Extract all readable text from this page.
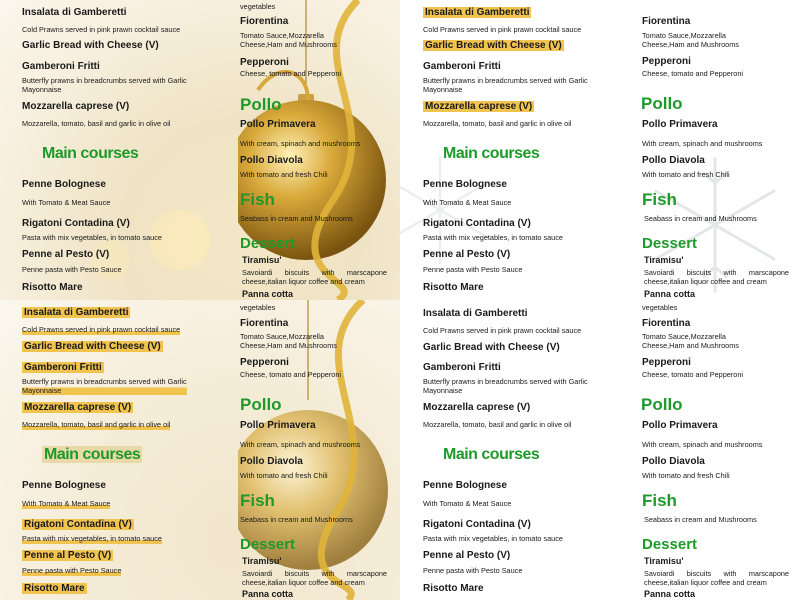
Insalata di Gamberetti
Cold Prawns served in pink prawn cocktail sauce
Garlic Bread with Cheese (V)
Gamberoni Fritti
Butterfly prawns in breadcrumbs served with Garlic Mayonnaise
Mozzarella caprese (V)
Mozzarella, tomato, basil and garlic in olive oil
Main courses
Penne Bolognese
With Tomato & Meat Sauce
Rigatoni Contadina (V)
Pasta with mix vegetables, in tomato sauce
Penne al Pesto (V)
Penne pasta with Pesto Sauce
Risotto Mare
vegetables
Fiorentina
Tomato Sauce,Mozzarella Cheese,Ham and Mushrooms
Pepperoni
Cheese, tomato and Pepperoni
Pollo
Pollo Primavera
With cream, spinach and mushrooms
Pollo Diavola
With tomato and fresh Chili
Fish
Seabass in cream and Mushrooms
Dessert
Tiramisu'
Savoiardi biscuits with marscapone cheese,italian liquor coffee and cream
Panna cotta
Insalata di Gamberetti
Cold Prawns served in pink prawn cocktail sauce
Garlic Bread with Cheese (V)
Gamberoni Fritti
Butterfly prawns in breadcrumbs served with Garlic Mayonnaise
Mozzarella caprese (V)
Mozzarella, tomato, basil and garlic in olive oil
Main courses
Penne Bolognese
With Tomato & Meat Sauce
Rigatoni Contadina (V)
Pasta with mix vegetables, in tomato sauce
Penne al Pesto (V)
Penne pasta with Pesto Sauce
Risotto Mare
Fiorentina
Tomato Sauce,Mozzarella Cheese,Ham and Mushrooms
Pepperoni
Cheese, tomato and Pepperoni
Pollo
Pollo Primavera
With cream, spinach and mushrooms
Pollo Diavola
With tomato and fresh Chili
Fish
Seabass in cream and Mushrooms
Dessert
Tiramisu'
Savoiardi biscuits with marscapone cheese,italian liquor coffee and cream
Panna cotta
Insalata di Gamberetti
Cold Prawns served in pink prawn cocktail sauce
Garlic Bread with Cheese (V)
Gamberoni Fritti
Butterfly prawns in breadcrumbs served with Garlic Mayonnaise
Mozzarella caprese (V)
Mozzarella, tomato, basil and garlic in olive oil
Main courses
Penne Bolognese
With Tomato & Meat Sauce
Rigatoni Contadina (V)
Pasta with mix vegetables, in tomato sauce
Penne al Pesto (V)
Penne pasta with Pesto Sauce
Risotto Mare
vegetables
Fiorentina
Tomato Sauce,Mozzarella Cheese,Ham and Mushrooms
Pepperoni
Cheese, tomato and Pepperoni
Pollo
Pollo Primavera
With cream, spinach and mushrooms
Pollo Diavola
With tomato and fresh Chili
Fish
Seabass in cream and Mushrooms
Dessert
Tiramisu'
Savoiardi biscuits with marscapone cheese,italian liquor coffee and cream
Panna cotta
Insalata di Gamberetti
Cold Prawns served in pink prawn cocktail sauce
Garlic Bread with Cheese (V)
Gamberoni Fritti
Butterfly prawns in breadcrumbs served with Garlic Mayonnaise
Mozzarella caprese (V)
Mozzarella, tomato, basil and garlic in olive oil
Main courses
Penne Bolognese
With Tomato & Meat Sauce
Rigatoni Contadina (V)
Pasta with mix vegetables, in tomato sauce
Penne al Pesto (V)
Penne pasta with Pesto Sauce
Risotto Mare
vegetables
Fiorentina
Tomato Sauce,Mozzarella Cheese,Ham and Mushrooms
Pepperoni
Cheese, tomato and Pepperoni
Pollo
Pollo Primavera
With cream, spinach and mushrooms
Pollo Diavola
With tomato and fresh Chili
Fish
Seabass in cream and Mushrooms
Dessert
Tiramisu'
Savoiardi biscuits with marscapone cheese,italian liquor coffee and cream
Panna cotta
